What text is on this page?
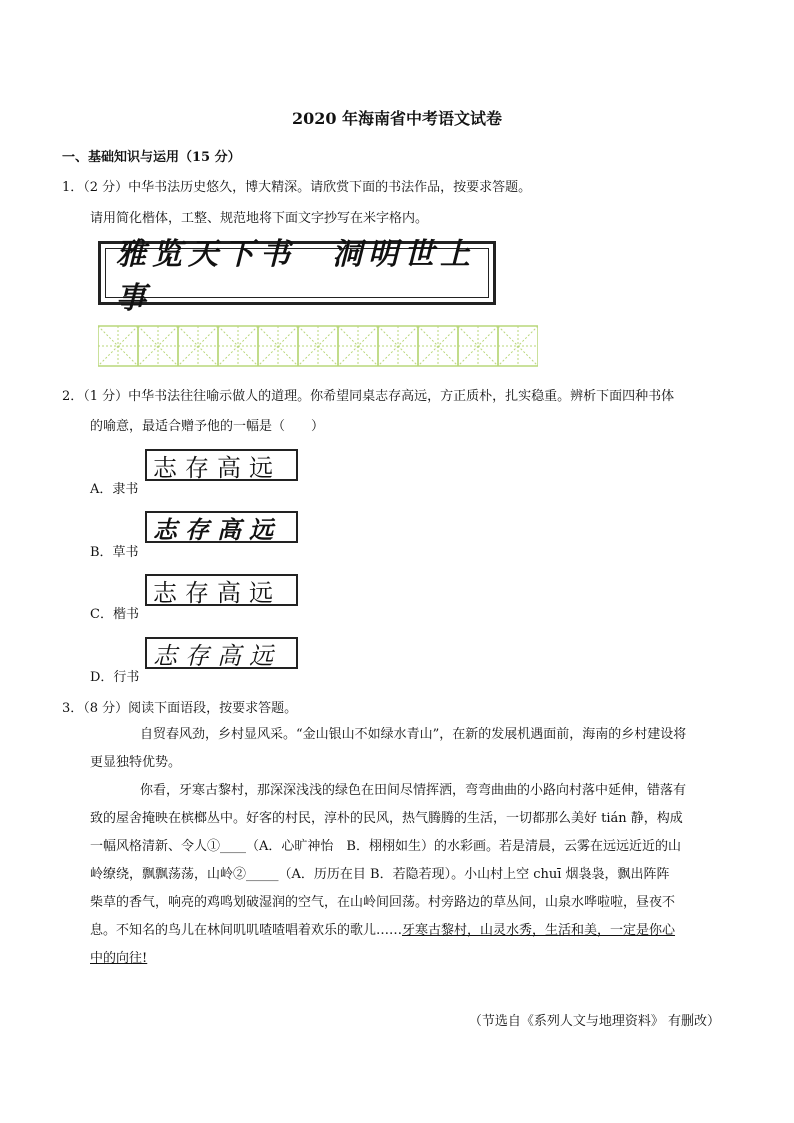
2020 年海南省中考语文试卷
一、基础知识与运用（15 分）
1．（2 分）中华书法历史悠久，博大精深。请欣赏下面的书法作品，按要求答题。
请用简化楷体，工整、规范地将下面文字抄写在米字格内。
雅览天下书　洞明世上事
2．（1 分）中华书法往往喻示做人的道理。你希望同桌志存高远，方正质朴，扎实稳重。辨析下面四种书体
的喻意，最适合赠予他的一幅是（　　）
A．隶书
志存高远
B．草书
志存高远
C．楷书
志存高远
D．行书
志存高远
3．（8 分）阅读下面语段，按要求答题。
自贸春风劲，乡村显风采。“金山银山不如绿水青山”，在新的发展机遇面前，海南的乡村建设将
更显独特优势。
你看，牙寒古黎村，那深深浅浅的绿色在田间尽情挥洒，弯弯曲曲的小路向村落中延伸，错落有
致的屋舍掩映在槟榔丛中。好客的村民，淳朴的民风，热气腾腾的生活，一切都那么美好 tián 静，构成
一幅风格清新、令人①____（A．心旷神怡　B．栩栩如生）的水彩画。若是清晨，云雾在远远近近的山
岭缭绕，飘飘荡荡，山岭②_____（A．历历在目 B．若隐若现）。小山村上空 chuī 烟袅袅，飘出阵阵
柴草的香气，响亮的鸡鸣划破湿润的空气，在山岭间回荡。村旁路边的草丛间，山泉水哗啦啦，昼夜不
息。不知名的鸟儿在林间叽叽喳喳唱着欢乐的歌儿……牙寒古黎村，山灵水秀，生活和美，一定是你心
中的向往!
（节选自《系列人文与地理资料》 有删改）
